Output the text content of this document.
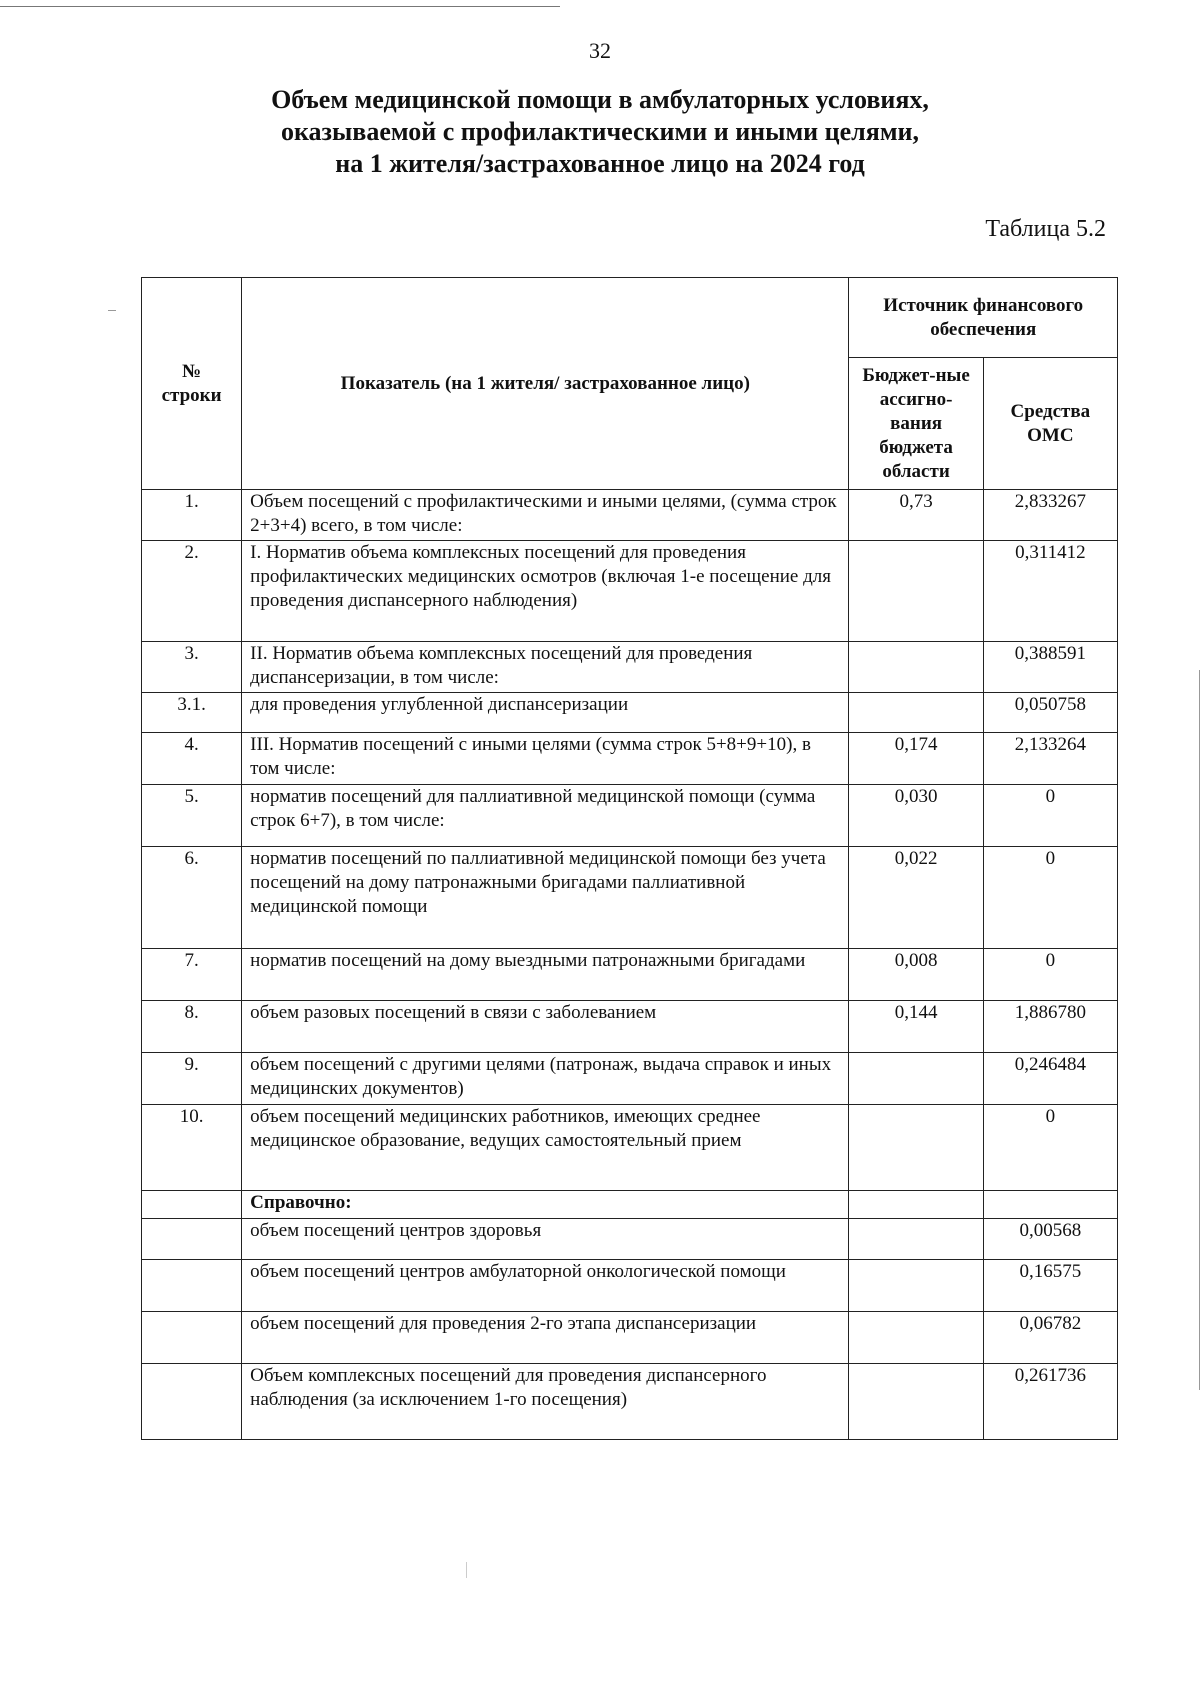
32
Объем медицинской помощи в амбулаторных условиях,
оказываемой с профилактическими и иными целями,
на 1 жителя/застрахованное лицо на 2024 год
Таблица 5.2
№ строки	Показатель (на 1 жителя/ застрахованное лицо)	Источник финансового обеспечения	
		Бюджет-ные ассигно-вания бюджета области	Средства ОМС
1.	Объем посещений с профилактическими и иными целями, (сумма строк 2+3+4) всего, в том числе:	0,73	2,833267
2.	I. Норматив объема комплексных посещений для проведения профилактических медицинских осмотров (включая 1-е посещение для проведения диспансерного наблюдения)		0,311412
3.	II. Норматив объема комплексных посещений для проведения диспансеризации, в том числе:		0,388591
3.1.	для проведения углубленной диспансеризации		0,050758
4.	III. Норматив посещений с иными целями (сумма строк 5+8+9+10), в том числе:	0,174	2,133264
5.	норматив посещений для паллиативной медицинской помощи (сумма строк 6+7), в том числе:	0,030	0
6.	норматив посещений по паллиативной медицинской помощи без учета посещений на дому патронажными бригадами паллиативной медицинской помощи	0,022	0
7.	норматив посещений на дому выездными патронажными бригадами	0,008	0
8.	объем разовых посещений в связи с заболеванием	0,144	1,886780
9.	объем посещений с другими целями (патронаж, выдача справок и иных медицинских документов)		0,246484
10.	объем посещений медицинских работников, имеющих среднее медицинское образование, ведущих самостоятельный прием		0
	Справочно:		
	объем посещений центров здоровья		0,00568
	объем посещений центров амбулаторной онкологической помощи		0,16575
	объем посещений для проведения 2-го этапа диспансеризации		0,06782
	Объем комплексных посещений для проведения диспансерного наблюдения (за исключением 1-го посещения)		0,261736
